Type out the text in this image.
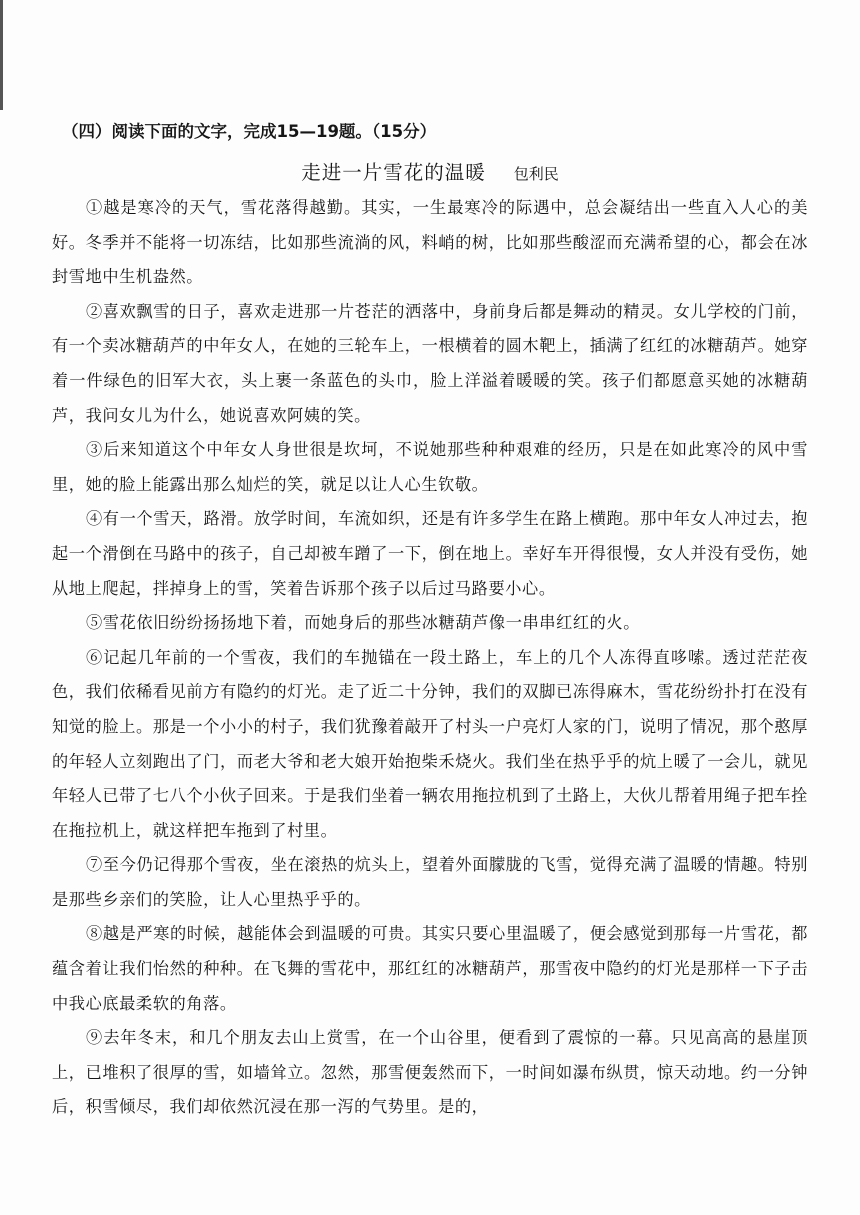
（四）阅读下面的文字，完成15—19题。（15分）
走进一片雪花的温暖 包利民

①越是寒冷的天气，雪花落得越勤。其实，一生最寒冷的际遇中，总会凝结出一些直入人心的美好。冬季并不能将一切冻结，比如那些流淌的风，料峭的树，比如那些酸涩而充满希望的心，都会在冰封雪地中生机盎然。

②喜欢飘雪的日子，喜欢走进那一片苍茫的洒落中，身前身后都是舞动的精灵。女儿学校的门前，有一个卖冰糖葫芦的中年女人，在她的三轮车上，一根横着的圆木靶上，插满了红红的冰糖葫芦。她穿着一件绿色的旧军大衣，头上裹一条蓝色的头巾，脸上洋溢着暖暖的笑。孩子们都愿意买她的冰糖葫芦，我问女儿为什么，她说喜欢阿姨的笑。

③后来知道这个中年女人身世很是坎坷，不说她那些种种艰难的经历，只是在如此寒冷的风中雪里，她的脸上能露出那么灿烂的笑，就足以让人心生钦敬。

④有一个雪天，路滑。放学时间，车流如织，还是有许多学生在路上横跑。那中年女人冲过去，抱起一个滑倒在马路中的孩子，自己却被车蹭了一下，倒在地上。幸好车开得很慢，女人并没有受伤，她从地上爬起，拌掉身上的雪，笑着告诉那个孩子以后过马路要小心。

⑤雪花依旧纷纷扬扬地下着，而她身后的那些冰糖葫芦像一串串红红的火。

⑥记起几年前的一个雪夜，我们的车抛锚在一段土路上，车上的几个人冻得直哆嗦。透过茫茫夜色，我们依稀看见前方有隐约的灯光。走了近二十分钟，我们的双脚已冻得麻木，雪花纷纷扑打在没有知觉的脸上。那是一个小小的村子，我们犹豫着敲开了村头一户亮灯人家的门，说明了情况，那个憨厚的年轻人立刻跑出了门，而老大爷和老大娘开始抱柴禾烧火。我们坐在热乎乎的炕上暖了一会儿，就见年轻人已带了七八个小伙子回来。于是我们坐着一辆农用拖拉机到了土路上，大伙儿帮着用绳子把车拴在拖拉机上，就这样把车拖到了村里。

⑦至今仍记得那个雪夜，坐在滚热的炕头上，望着外面朦胧的飞雪，觉得充满了温暖的情趣。特别是那些乡亲们的笑脸，让人心里热乎乎的。

⑧越是严寒的时候，越能体会到温暖的可贵。其实只要心里温暖了，便会感觉到那每一片雪花，都蕴含着让我们怡然的种种。在飞舞的雪花中，那红红的冰糖葫芦，那雪夜中隐约的灯光是那样一下子击中我心底最柔软的角落。

⑨去年冬末，和几个朋友去山上赏雪，在一个山谷里，便看到了震惊的一幕。只见高高的悬崖顶上，已堆积了很厚的雪，如墙耸立。忽然，那雪便轰然而下，一时间如瀑布纵贯，惊天动地。约一分钟后，积雪倾尽，我们却依然沉浸在那一泻的气势里。是的，
